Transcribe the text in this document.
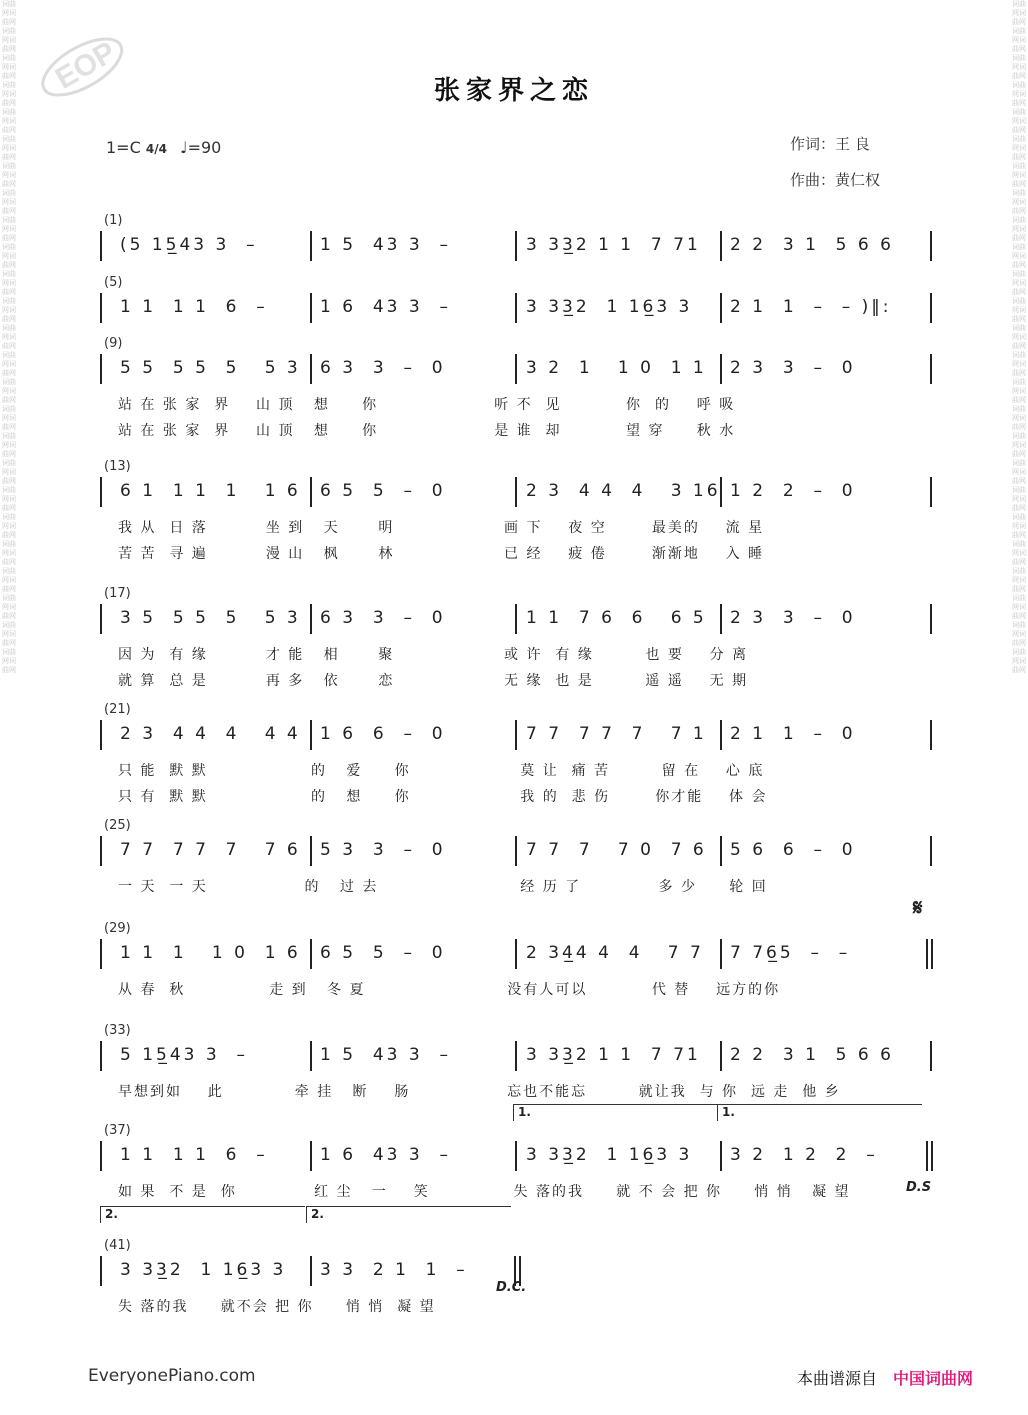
词曲网词曲网词曲网词曲网词曲网词曲网词曲网词曲网词曲网词曲网词曲网词曲网词曲网词曲网词曲网词曲网词曲网词曲网词曲网词曲网词曲网词曲网词曲网词曲网词曲网词曲网词曲网词曲网词曲网词曲网词曲网词曲网词曲网词曲网词曲网词曲网词曲网词曲网词曲网词曲网词曲网词曲网词曲网词曲网词曲网词曲网词曲网词曲网词曲网词曲网
词曲网词曲网词曲网词曲网词曲网词曲网词曲网词曲网词曲网词曲网词曲网词曲网词曲网词曲网词曲网词曲网词曲网词曲网词曲网词曲网词曲网词曲网词曲网词曲网词曲网词曲网词曲网词曲网词曲网词曲网词曲网词曲网词曲网词曲网词曲网词曲网词曲网词曲网词曲网词曲网词曲网词曲网词曲网词曲网词曲网词曲网词曲网词曲网词曲网词曲网
EOP	张家界之恋
1=C 4/4 ♩=90	作词：王 良
作曲：黄仁权
(1)
(5 15̲43 3  –	1 5  43 3  –	3 33̲2 1 1  7 71 2 2  3 1  5 6 6
(5)
1 1  1 1  6  –	1 6  43 3  –	3 33̲2  1 16̲3 3 2 1  1  –  – )‖:
(9)
5 5  5 5  5   5 3 6 3  3  –  0	3 2  1   1 0  1 1 2 3  3  –  0
站 在 张 家  界    山 顶   想     你                  听 不  见          你  的    呼 吸
站 在 张 家  界    山 顶   想     你                  是 谁  却          望 穿     秋 水
(13)
6 1  1 1  1   1 6 6 5  5  –  0	2 3  4 4  4   3 16 1 2  2  –  0
我 从  日 落         坐 到   天      明                 画 下    夜 空       最美的    流 星
苦 苦  寻 遍         漫 山   枫      林                 已 经    疲 倦       渐渐地    入 睡
(17)
3 5  5 5  5   5 3 6 3  3  –  0	1 1  7 6  6   6 5 2 3  3  –  0
因 为  有 缘         才 能   相      聚                 或 许  有 缘        也 要    分 离
就 算  总 是         再 多   依      恋                 无 缘  也 是        遥 遥    无 期
(21)
2 3  4 4  4   4 4 1 6  6  –  0	7 7  7 7  7   7 1 2 1  1  –  0
只 能  默 默                的   爱     你                 莫 让  痛 苦        留 在    心 底
只 有  默 默                的   想     你                 我 的  悲 伤       你才能    体 会
(25)
7 7  7 7  7   7 6 5 3  3  –  0	7 7  7   7 0  7 6 5 6  6  –  0
一 天  一 天               的   过 去                      经 历 了            多 少     轮 回
(29)
1 1  1   1 0  1 6 6 5  5  –  0	2 34̲4 4  4   7 7 7 76̲5  –  –
从 春  秋             走 到   冬 夏                      没有人可以          代 替    远方的你
(33)
5 15̲43 3  –	1 5  43 3  –	3 33̲2 1 1  7 71 2 2  3 1  5 6 6
早想到如    此           牵 挂   断    肠               忘也不能忘        就让我  与 你  远 走  他 乡
(37)
1 1  1 1  6  –	1 6  43 3  –	3 33̲2  1 16̲3 3 3 2  1 2  2  –
如 果  不 是  你            红 尘   一    笑             失 落的我     就 不 会 把 你     悄 悄   凝 望
(41)
3 33̲2  1 16̲3 3 3 3  2 1  1  –
失 落的我     就不会 把 你     悄 悄  凝 望
𝄋
D.S
D.C.
1.	1.
2.	2.
EveryonePiano.com	本曲谱源自 中国词曲网
